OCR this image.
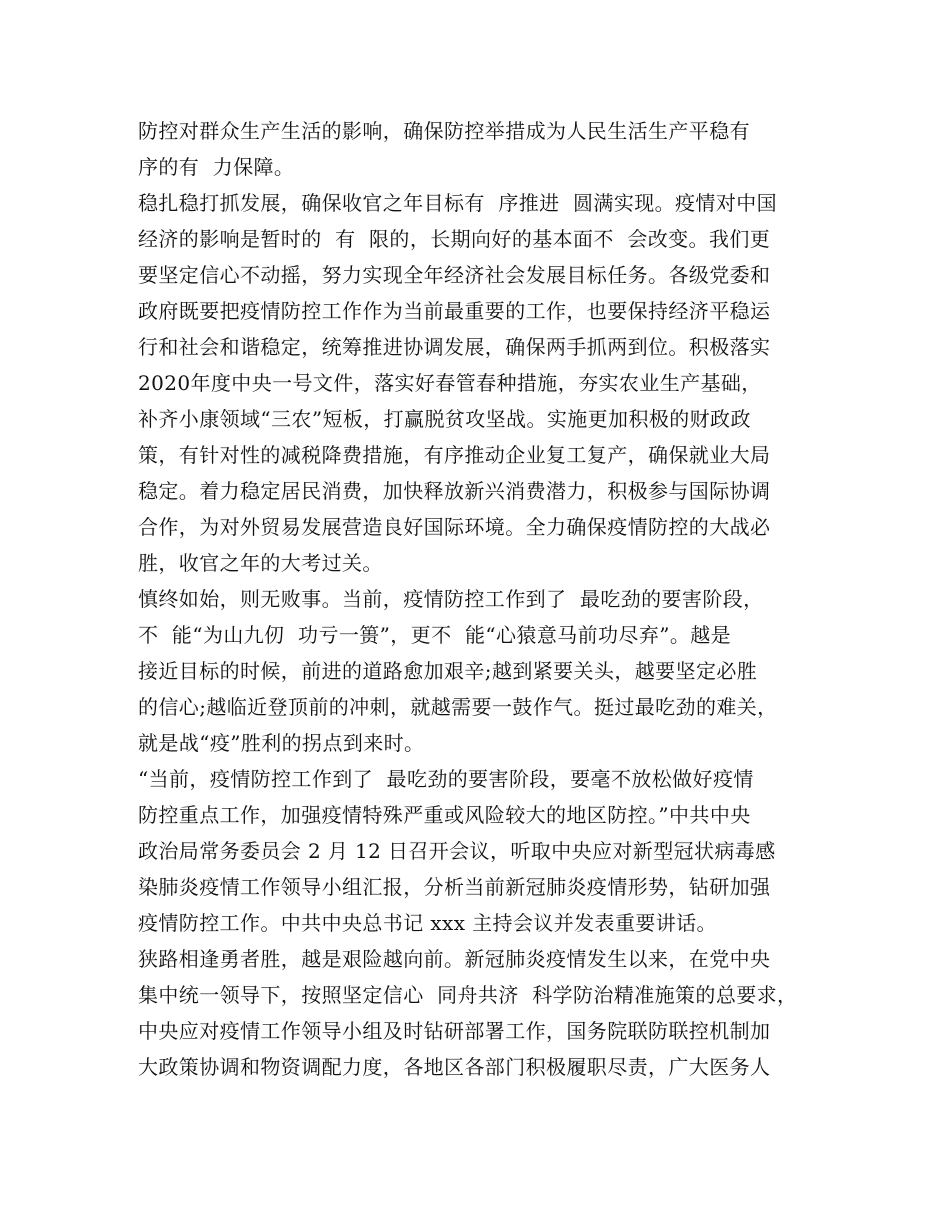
防控对群众生产生活的影响，确保防控举措成为人民生活生产平稳有
序的有  力保障。
稳扎稳打抓发展，确保收官之年目标有  序推进  圆满实现。疫情对中国
经济的影响是暂时的  有  限的，长期向好的基本面不  会改变。我们更
要坚定信心不动摇，努力实现全年经济社会发展目标任务。各级党委和
政府既要把疫情防控工作作为当前最重要的工作，也要保持经济平稳运
行和社会和谐稳定，统筹推进协调发展，确保两手抓两到位。积极落实
2020年度中央一号文件，落实好春管春种措施，夯实农业生产基础，
补齐小康领域“三农”短板，打赢脱贫攻坚战。实施更加积极的财政政
策，有针对性的减税降费措施，有序推动企业复工复产，确保就业大局
稳定。着力稳定居民消费，加快释放新兴消费潜力，积极参与国际协调
合作，为对外贸易发展营造良好国际环境。全力确保疫情防控的大战必
胜，收官之年的大考过关。
慎终如始，则无败事。当前，疫情防控工作到了  最吃劲的要害阶段，
不  能“为山九仞  功亏一篑”，更不  能“心猿意马前功尽弃”。越是
接近目标的时候，前进的道路愈加艰辛;越到紧要关头，越要坚定必胜
的信心;越临近登顶前的冲刺，就越需要一鼓作气。挺过最吃劲的难关，
就是战“疫”胜利的拐点到来时。
“当前，疫情防控工作到了  最吃劲的要害阶段，要毫不放松做好疫情
防控重点工作，加强疫情特殊严重或风险较大的地区防控。”中共中央
政治局常务委员会 2 月 12 日召开会议，听取中央应对新型冠状病毒感
染肺炎疫情工作领导小组汇报，分析当前新冠肺炎疫情形势，钻研加强
疫情防控工作。中共中央总书记 xxx 主持会议并发表重要讲话。
狭路相逢勇者胜，越是艰险越向前。新冠肺炎疫情发生以来，在党中央
集中统一领导下，按照坚定信心  同舟共济  科学防治精准施策的总要求，
中央应对疫情工作领导小组及时钻研部署工作，国务院联防联控机制加
大政策协调和物资调配力度，各地区各部门积极履职尽责，广大医务人
